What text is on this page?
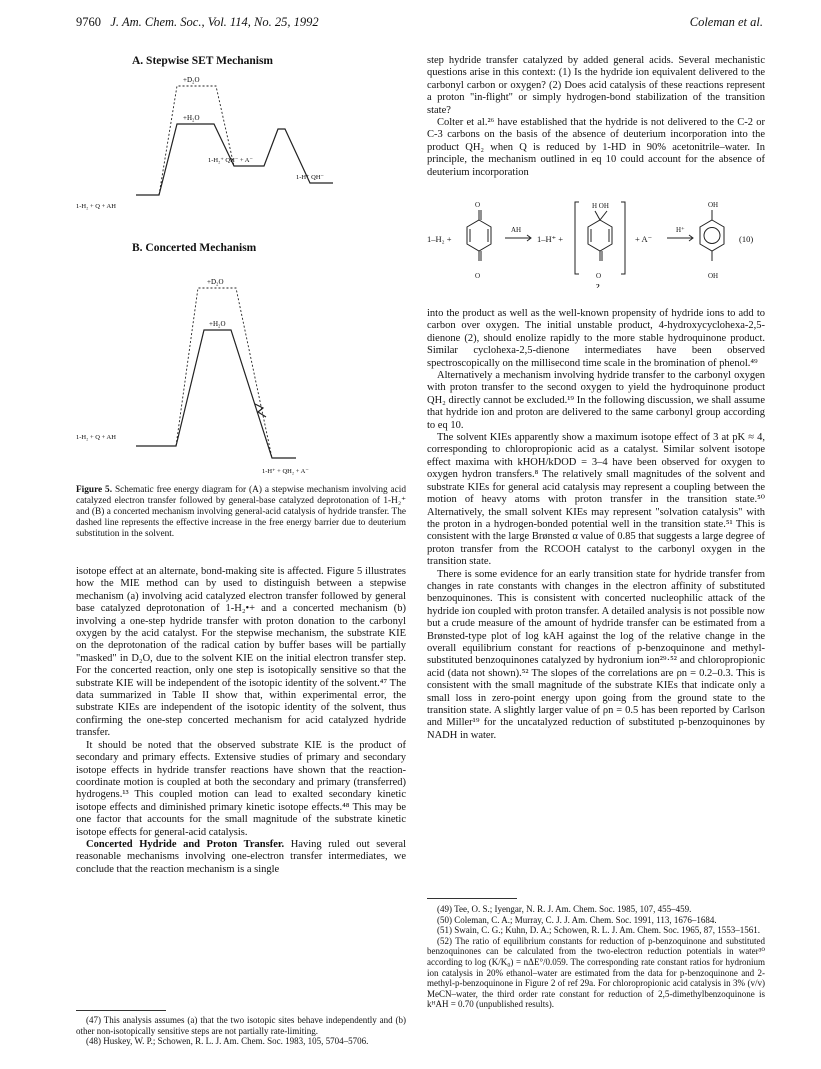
9760 J. Am. Chem. Soc., Vol. 114, No. 25, 1992	Coleman et al.
A. Stepwise SET Mechanism
+D₂O
+H₂O
1-H₂⁺ QH⁻ + A⁻
1-H⁺ QH⁻
1-H₂ + Q + AH
B. Concerted Mechanism
+D₂O
+H₂O
1-H₂ + Q + AH
1-H⁺ + QH₂ + A⁻
Figure 5. Schematic free energy diagram for (A) a stepwise mechanism involving acid catalyzed electron transfer followed by general-base catalyzed deprotonation of 1-H₂⁺ and (B) a concerted mechanism involving general-acid catalysis of hydride transfer. The dashed line represents the effective increase in the free energy barrier due to deuterium substitution in the solvent.

isotope effect at an alternate, bond-making site is affected. Figure 5 illustrates how the MIE method can by used to distinguish between a stepwise mechanism (a) involving acid catalyzed electron transfer followed by general base catalyzed deprotonation of 1-H₂•+ and a concerted mechanism (b) involving a one-step hydride transfer with proton donation to the carbonyl oxygen by the acid catalyst. For the stepwise mechanism, the substrate KIE on the deprotonation of the radical cation by buffer bases will be partially "masked" in D₂O, due to the solvent KIE on the initial electron transfer step. For the concerted reaction, only one step is isotopically sensitive so that the substrate KIE will be independent of the isotopic identity of the solvent.⁴⁷ The data summarized in Table II show that, within experimental error, the substrate KIEs are independent of the isotopic identity of the solvent, thus confirming the one-step concerted mechanism for acid catalyzed hydride transfer.

It should be noted that the observed substrate KIE is the product of secondary and primary effects. Extensive studies of primary and secondary isotope effects in hydride transfer reactions have shown that the reaction-coordinate motion is coupled at both the secondary and primary (transferred) hydrogens.¹³ This coupled motion can lead to exalted secondary kinetic isotope effects and diminished primary kinetic isotope effects.⁴⁸ This may be one factor that accounts for the small magnitude of the substrate kinetic isotope effects for general-acid catalysis.

Concerted Hydride and Proton Transfer. Having ruled out several reasonable mechanisms involving one-electron transfer intermediates, we conclude that the reaction mechanism is a single

(47) This analysis assumes (a) that the two isotopic sites behave independently and (b) other non-isotopically sensitive steps are not partially rate-limiting.

(48) Huskey, W. P.; Schowen, R. L. J. Am. Chem. Soc. 1983, 105, 5704–5706.

step hydride transfer catalyzed by added general acids. Several mechanistic questions arise in this context: (1) Is the hydride ion equivalent delivered to the carbonyl carbon or oxygen? (2) Does acid catalysis of these reactions represent a proton "in-flight" or simply hydrogen-bond stabilization of the transition state?

Colter et al.²⁶ have established that the hydride is not delivered to the C-2 or C-3 carbons on the basis of the absence of deuterium incorporation into the product QH₂ when Q is reduced by 1-HD in 90% acetonitrile–water. In principle, the mechanism outlined in eq 10 could account for the absence of deuterium incorporation

1–H₂ +
AH
1–H⁺ +	+ A⁻
H⁺
(10)
O
O
H OH
O
2
OH
OH

into the product as well as the well-known propensity of hydride ions to add to carbon over oxygen. The initial unstable product, 4-hydroxycyclohexa-2,5-dienone (2), should enolize rapidly to the more stable hydroquinone product. Similar cyclohexa-2,5-dienone intermediates have been observed spectroscopically on the millisecond time scale in the bromination of phenol.⁴⁹

Alternatively a mechanism involving hydride transfer to the carbonyl oxygen with proton transfer to the second oxygen to yield the hydroquinone product QH₂ directly cannot be excluded.¹⁹ In the following discussion, we shall assume that hydride ion and proton are delivered to the same carbonyl group according to eq 10.

The solvent KIEs apparently show a maximum isotope effect of 3 at pK ≈ 4, corresponding to chloropropionic acid as a catalyst. Similar solvent isotope effect maxima with kHOH/kDOD = 3–4 have been observed for oxygen to oxygen hydron transfers.⁸ The relatively small magnitudes of the solvent and substrate KIEs for general acid catalysis may represent a coupling between the motion of heavy atoms with proton transfer in the transition state.⁵⁰ Alternatively, the small solvent KIEs may represent "solvation catalysis" with the proton in a hydrogen-bonded potential well in the transition state.⁵¹ This is consistent with the large Brønsted α value of 0.85 that suggests a large degree of proton transfer from the RCOOH catalyst to the carbonyl oxygen in the transition state.

There is some evidence for an early transition state for hydride transfer from changes in rate constants with changes in the electron affinity of substituted benzoquinones. This is consistent with concerted nucleophilic attack of the hydride ion coupled with proton transfer. A detailed analysis is not possible now but a crude measure of the amount of hydride transfer can be estimated from a Brønsted-type plot of log kAH against the log of the relative change in the overall equilibrium constant for reactions of p-benzoquinone and methyl-substituted benzoquinones catalyzed by hydronium ion²⁹·⁵² and chloropropionic acid (data not shown).⁵² The slopes of the correlations are ρn = 0.2–0.3. This is consistent with the small magnitude of the substrate KIEs that indicate only a small loss in zero-point energy upon going from the ground state to the transition state. A slightly larger value of ρn = 0.5 has been reported by Carlson and Miller¹⁹ for the uncatalyzed reduction of substituted p-benzoquinones by NADH in water.

(49) Tee, O. S.; Iyengar, N. R. J. Am. Chem. Soc. 1985, 107, 455–459.

(50) Coleman, C. A.; Murray, C. J. J. Am. Chem. Soc. 1991, 113, 1676–1684.

(51) Swain, C. G.; Kuhn, D. A.; Schowen, R. L. J. Am. Chem. Soc. 1965, 87, 1553–1561.

(52) The ratio of equilibrium constants for reduction of p-benzoquinone and substituted benzoquinones can be calculated from the two-electron reduction potentials in water³⁰ according to log (K/K₀) = nΔE°/0.059. The corresponding rate constant ratios for hydronium ion catalysis in 20% ethanol–water are estimated from the data for p-benzoquinone and 2-methyl-p-benzoquinone in Figure 2 of ref 29a. For chloropropionic acid catalysis in 3% (v/v) MeCN–water, the third order rate constant for reduction of 2,5-dimethylbenzoquinone is kᴴAH = 0.70 (unpublished results).
